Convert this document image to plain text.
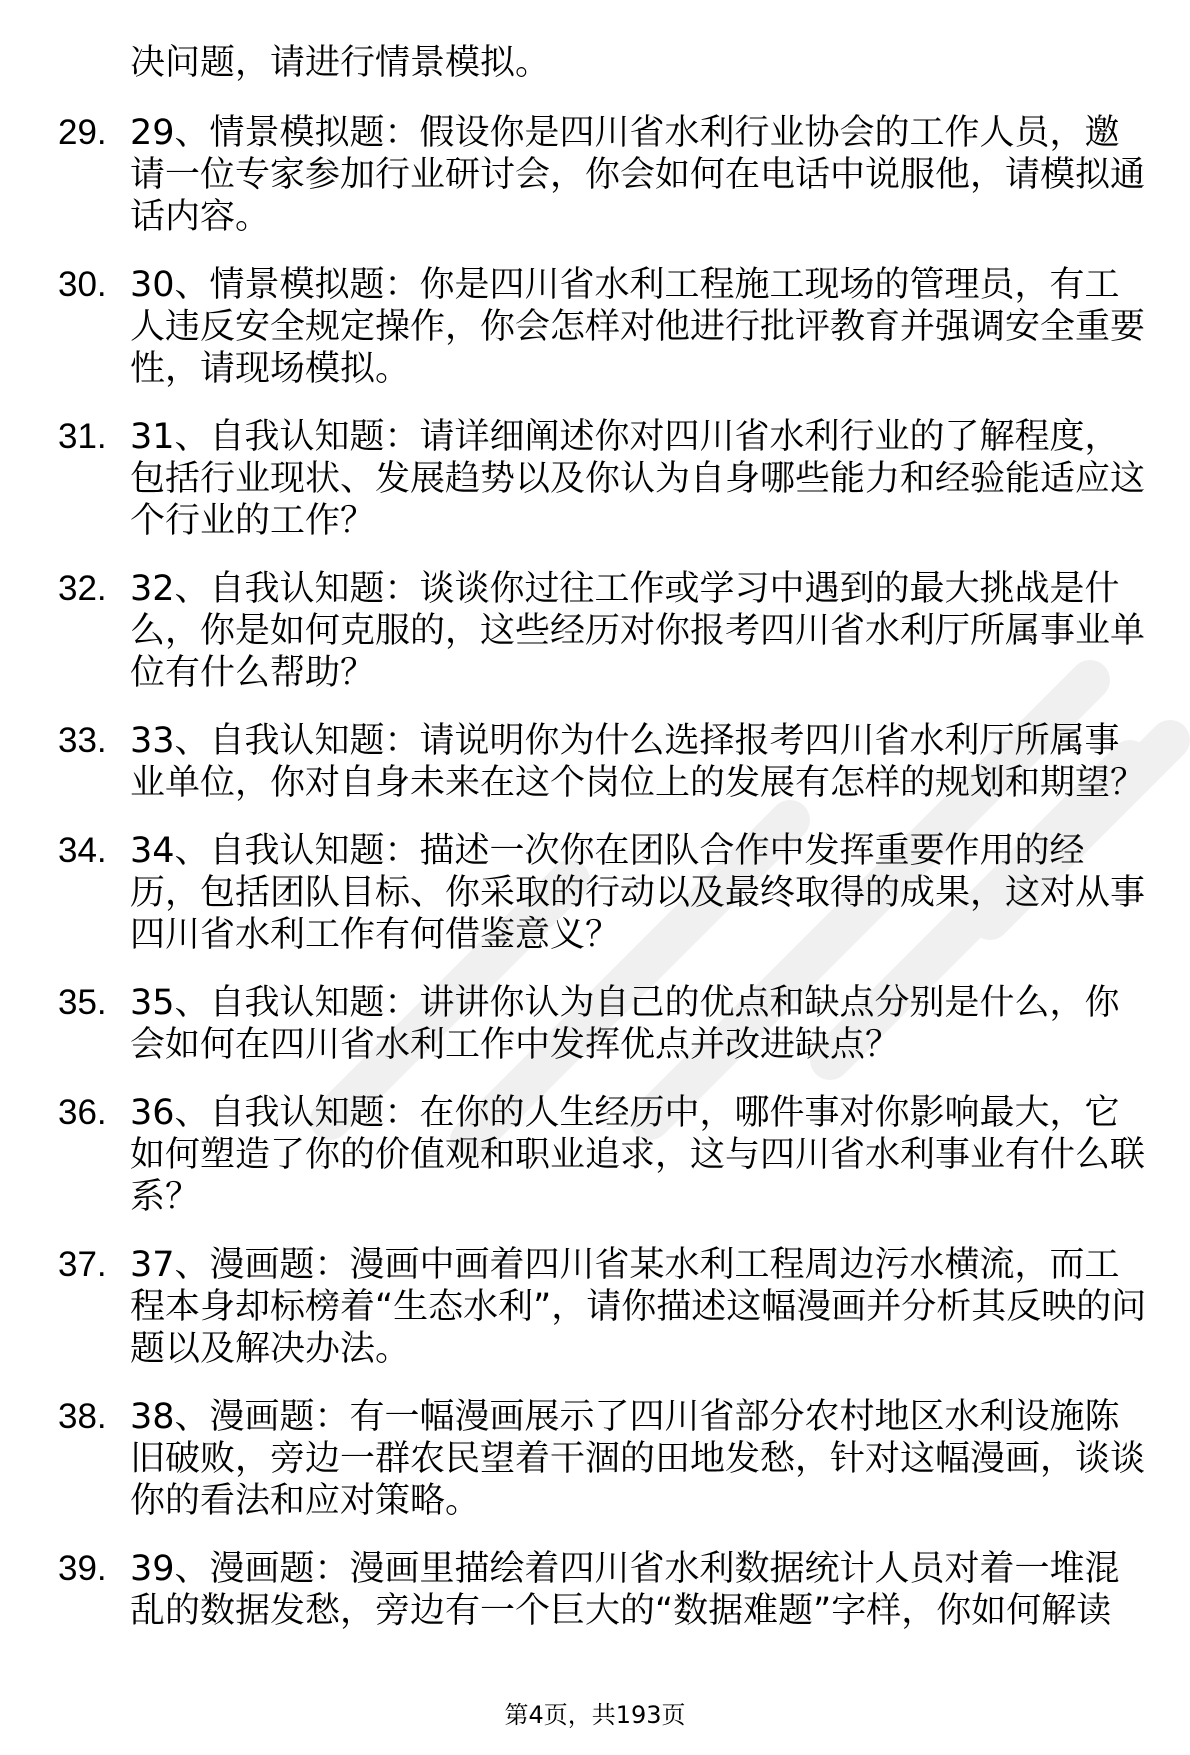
决问题，请进行情景模拟。

29. 29、情景模拟题：假设你是四川省水利行业协会的工作人员，邀请一位专家参加行业研讨会，你会如何在电话中说服他，请模拟通话内容。
30. 30、情景模拟题：你是四川省水利工程施工现场的管理员，有工人违反安全规定操作，你会怎样对他进行批评教育并强调安全重要性，请现场模拟。
31. 31、自我认知题：请详细阐述你对四川省水利行业的了解程度，包括行业现状、发展趋势以及你认为自身哪些能力和经验能适应这个行业的工作？
32. 32、自我认知题：谈谈你过往工作或学习中遇到的最大挑战是什么，你是如何克服的，这些经历对你报考四川省水利厅所属事业单位有什么帮助？
33. 33、自我认知题：请说明你为什么选择报考四川省水利厅所属事业单位，你对自身未来在这个岗位上的发展有怎样的规划和期望？
34. 34、自我认知题：描述一次你在团队合作中发挥重要作用的经历，包括团队目标、你采取的行动以及最终取得的成果，这对从事四川省水利工作有何借鉴意义？
35. 35、自我认知题：讲讲你认为自己的优点和缺点分别是什么，你会如何在四川省水利工作中发挥优点并改进缺点？
36. 36、自我认知题：在你的人生经历中，哪件事对你影响最大，它如何塑造了你的价值观和职业追求，这与四川省水利事业有什么联系？
37. 37、漫画题：漫画中画着四川省某水利工程周边污水横流，而工程本身却标榜着“生态水利”，请你描述这幅漫画并分析其反映的问题以及解决办法。
38. 38、漫画题：有一幅漫画展示了四川省部分农村地区水利设施陈旧破败，旁边一群农民望着干涸的田地发愁，针对这幅漫画，谈谈你的看法和应对策略。
39. 39、漫画题：漫画里描绘着四川省水利数据统计人员对着一堆混乱的数据发愁，旁边有一个巨大的“数据难题”字样，你如何解读
第4页，共193页
